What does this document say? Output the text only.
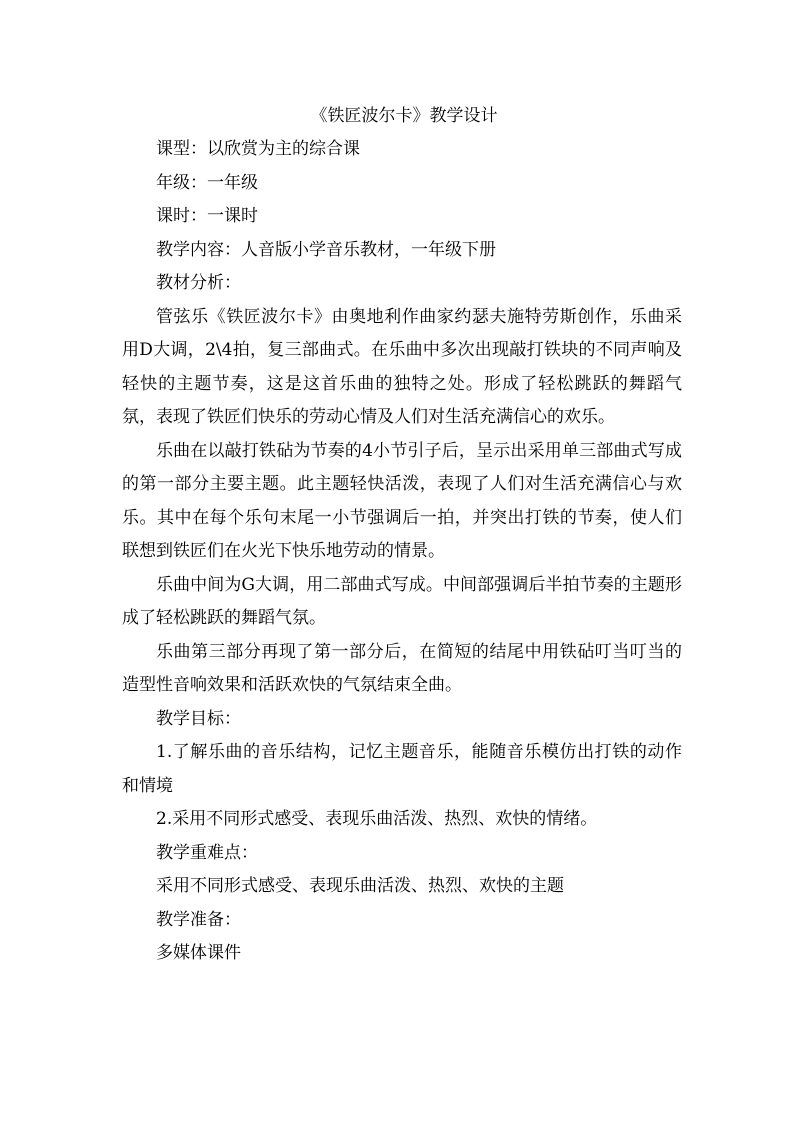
《铁匠波尔卡》教学设计
课型：以欣赏为主的综合课
年级：一年级
课时：一课时
教学内容：人音版小学音乐教材，一年级下册
教材分析：
管弦乐《铁匠波尔卡》由奥地利作曲家约瑟夫施特劳斯创作，乐曲采用D大调，2\4拍，复三部曲式。在乐曲中多次出现敲打铁块的不同声响及轻快的主题节奏，这是这首乐曲的独特之处。形成了轻松跳跃的舞蹈气氛，表现了铁匠们快乐的劳动心情及人们对生活充满信心的欢乐。
乐曲在以敲打铁砧为节奏的4小节引子后，呈示出采用单三部曲式写成的第一部分主要主题。此主题轻快活泼，表现了人们对生活充满信心与欢乐。其中在每个乐句末尾一小节强调后一拍，并突出打铁的节奏，使人们联想到铁匠们在火光下快乐地劳动的情景。
乐曲中间为G大调，用二部曲式写成。中间部强调后半拍节奏的主题形成了轻松跳跃的舞蹈气氛。
乐曲第三部分再现了第一部分后，在简短的结尾中用铁砧叮当叮当的造型性音响效果和活跃欢快的气氛结束全曲。
教学目标：
1.了解乐曲的音乐结构，记忆主题音乐，能随音乐模仿出打铁的动作和情境
2.采用不同形式感受、表现乐曲活泼、热烈、欢快的情绪。
教学重难点：
采用不同形式感受、表现乐曲活泼、热烈、欢快的主题
教学准备：
多媒体课件
